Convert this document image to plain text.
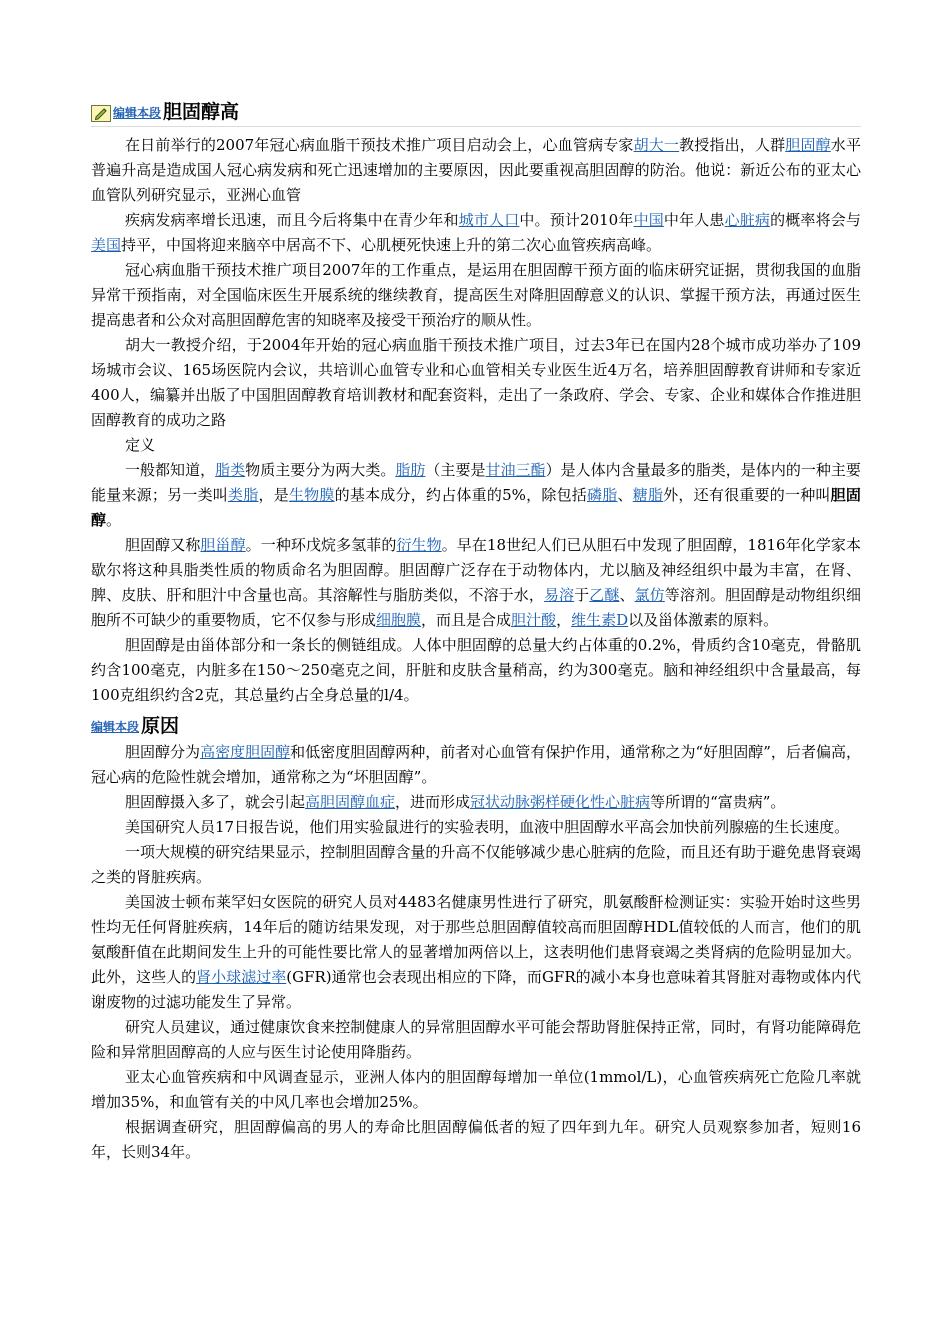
编辑本段 胆固醇高

在日前举行的2007年冠心病血脂干预技术推广项目启动会上，心血管病专家胡大一教授指出，人群胆固醇水平普遍升高是造成国人冠心病发病和死亡迅速增加的主要原因，因此要重视高胆固醇的防治。他说：新近公布的亚太心血管队列研究显示，亚洲心血管

疾病发病率增长迅速，而且今后将集中在青少年和城市人口中。预计2010年中国中年人患心脏病的概率将会与美国持平，中国将迎来脑卒中居高不下、心肌梗死快速上升的第二次心血管疾病高峰。

冠心病血脂干预技术推广项目2007年的工作重点，是运用在胆固醇干预方面的临床研究证据，贯彻我国的血脂异常干预指南，对全国临床医生开展系统的继续教育，提高医生对降胆固醇意义的认识、掌握干预方法，再通过医生提高患者和公众对高胆固醇危害的知晓率及接受干预治疗的顺从性。

胡大一教授介绍，于2004年开始的冠心病血脂干预技术推广项目，过去3年已在国内28个城市成功举办了109场城市会议、165场医院内会议，共培训心血管专业和心血管相关专业医生近4万名，培养胆固醇教育讲师和专家近400人，编纂并出版了中国胆固醇教育培训教材和配套资料，走出了一条政府、学会、专家、企业和媒体合作推进胆固醇教育的成功之路

定义

一般都知道，脂类物质主要分为两大类。脂肪（主要是甘油三酯）是人体内含量最多的脂类，是体内的一种主要能量来源；另一类叫类脂，是生物膜的基本成分，约占体重的5%，除包括磷脂、糖脂外，还有很重要的一种叫胆固醇。

胆固醇又称胆甾醇。一种环戊烷多氢菲的衍生物。早在18世纪人们已从胆石中发现了胆固醇，1816年化学家本歇尔将这种具脂类性质的物质命名为胆固醇。胆固醇广泛存在于动物体内，尤以脑及神经组织中最为丰富，在肾、脾、皮肤、肝和胆汁中含量也高。其溶解性与脂肪类似，不溶于水，易溶于乙醚、氯仿等溶剂。胆固醇是动物组织细胞所不可缺少的重要物质，它不仅参与形成细胞膜，而且是合成胆汁酸，维生素D以及甾体激素的原料。

胆固醇是由甾体部分和一条长的侧链组成。人体中胆固醇的总量大约占体重的0.2%，骨质约含10毫克，骨骼肌约含100毫克，内脏多在150～250毫克之间，肝脏和皮肤含量稍高，约为300毫克。脑和神经组织中含量最高，每100克组织约含2克，其总量约占全身总量的l/4。

编辑本段 原因

胆固醇分为高密度胆固醇和低密度胆固醇两种，前者对心血管有保护作用，通常称之为“好胆固醇”，后者偏高，冠心病的危险性就会增加，通常称之为“坏胆固醇”。

胆固醇摄入多了，就会引起高胆固醇血症，进而形成冠状动脉粥样硬化性心脏病等所谓的“富贵病”。

美国研究人员17日报告说，他们用实验鼠进行的实验表明，血液中胆固醇水平高会加快前列腺癌的生长速度。

一项大规模的研究结果显示，控制胆固醇含量的升高不仅能够减少患心脏病的危险，而且还有助于避免患肾衰竭之类的肾脏疾病。

美国波士顿布莱罕妇女医院的研究人员对4483名健康男性进行了研究，肌氨酸酐检测证实：实验开始时这些男性均无任何肾脏疾病，14年后的随访结果发现，对于那些总胆固醇值较高而胆固醇HDL值较低的人而言，他们的肌氨酸酐值在此期间发生上升的可能性要比常人的显著增加两倍以上，这表明他们患肾衰竭之类肾病的危险明显加大。此外，这些人的肾小球滤过率(GFR)通常也会表现出相应的下降，而GFR的减小本身也意味着其肾脏对毒物或体内代谢废物的过滤功能发生了异常。

研究人员建议，通过健康饮食来控制健康人的异常胆固醇水平可能会帮助肾脏保持正常，同时，有肾功能障碍危险和异常胆固醇高的人应与医生讨论使用降脂药。

亚太心血管疾病和中风调查显示，亚洲人体内的胆固醇每增加一单位(1mmol/L)，心血管疾病死亡危险几率就增加35%，和血管有关的中风几率也会增加25%。

根据调查研究，胆固醇偏高的男人的寿命比胆固醇偏低者的短了四年到九年。研究人员观察参加者，短则16年，长则34年。
